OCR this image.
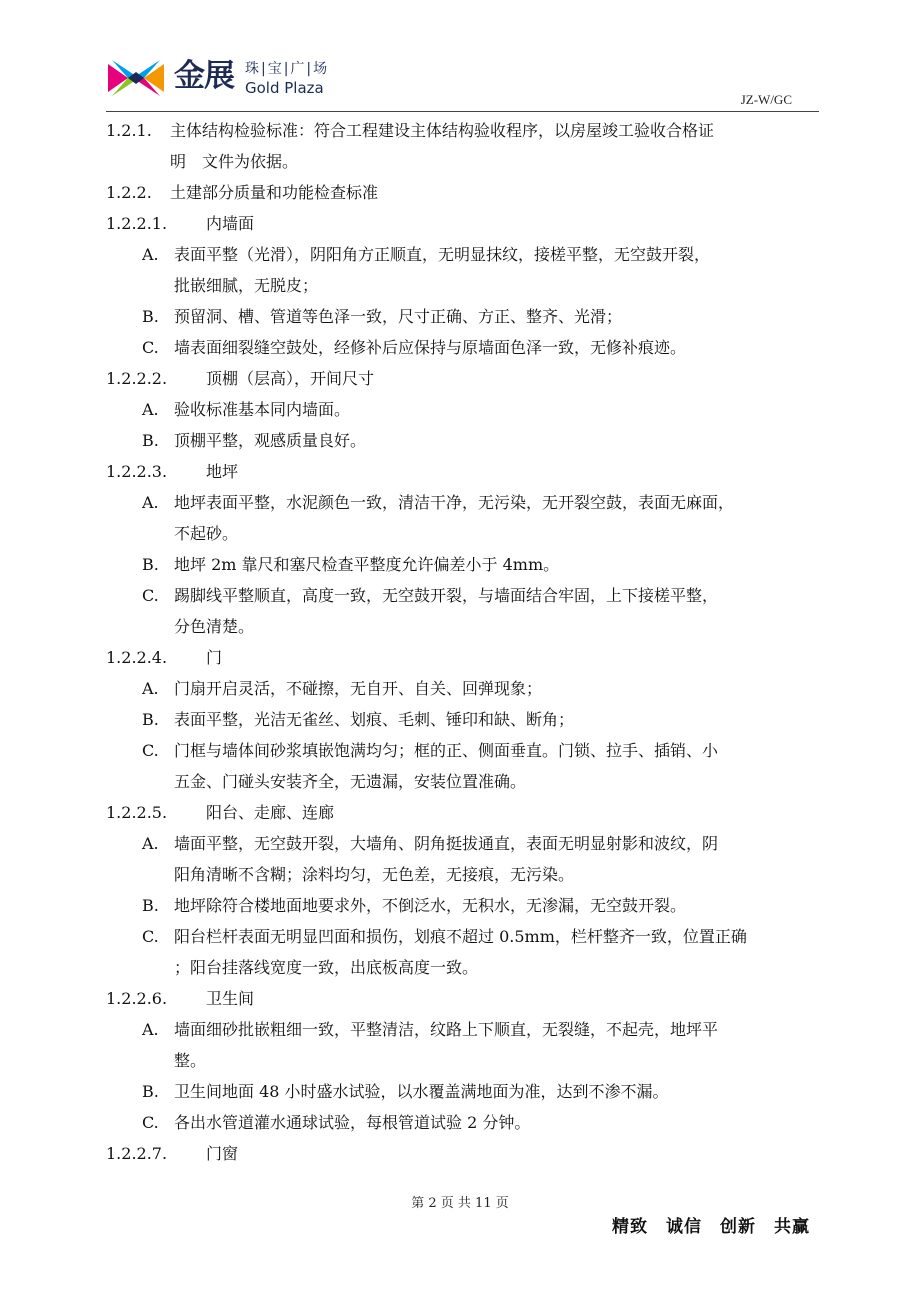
金展 珠|宝|广|场
Gold Plaza
JZ-W/GC
1.2.1. 主体结构检验标准：符合工程建设主体结构验收程序，以房屋竣工验收合格证
明　文件为依据。
1.2.2. 土建部分质量和功能检查标准
1.2.2.1. 内墙面
A. 表面平整（光滑），阴阳角方正顺直，无明显抹纹，接槎平整，无空鼓开裂，
批嵌细腻，无脱皮；
B. 预留洞、槽、管道等色泽一致，尺寸正确、方正、整齐、光滑；
C. 墙表面细裂缝空鼓处，经修补后应保持与原墙面色泽一致，无修补痕迹。
1.2.2.2. 顶棚（层高），开间尺寸
A. 验收标准基本同内墙面。
B. 顶棚平整，观感质量良好。
1.2.2.3. 地坪
A. 地坪表面平整，水泥颜色一致，清洁干净，无污染，无开裂空鼓，表面无麻面，
不起砂。
B. 地坪 2m 靠尺和塞尺检查平整度允许偏差小于 4mm。
C. 踢脚线平整顺直，高度一致，无空鼓开裂，与墙面结合牢固，上下接槎平整，
分色清楚。
1.2.2.4. 门
A. 门扇开启灵活，不碰擦，无自开、自关、回弹现象；
B. 表面平整，光洁无雀丝、划痕、毛刺、锤印和缺、断角；
C. 门框与墙体间砂浆填嵌饱满均匀；框的正、侧面垂直。门锁、拉手、插销、小
五金、门碰头安装齐全，无遗漏，安装位置准确。
1.2.2.5. 阳台、走廊、连廊
A. 墙面平整，无空鼓开裂，大墙角、阴角挺拔通直，表面无明显射影和波纹，阴
阳角清晰不含糊；涂料均匀，无色差，无接痕，无污染。
B. 地坪除符合楼地面地要求外，不倒泛水，无积水，无渗漏，无空鼓开裂。
C. 阳台栏杆表面无明显凹面和损伤，划痕不超过 0.5mm，栏杆整齐一致，位置正确
；阳台挂落线宽度一致，出底板高度一致。
1.2.2.6. 卫生间
A. 墙面细砂批嵌粗细一致，平整清洁，纹路上下顺直，无裂缝，不起壳，地坪平
整。
B. 卫生间地面 48 小时盛水试验，以水覆盖满地面为准，达到不渗不漏。
C. 各出水管道灌水通球试验，每根管道试验 2 分钟。
1.2.2.7. 门窗
第 2 页 共 11 页
精致　诚信　创新　共赢
